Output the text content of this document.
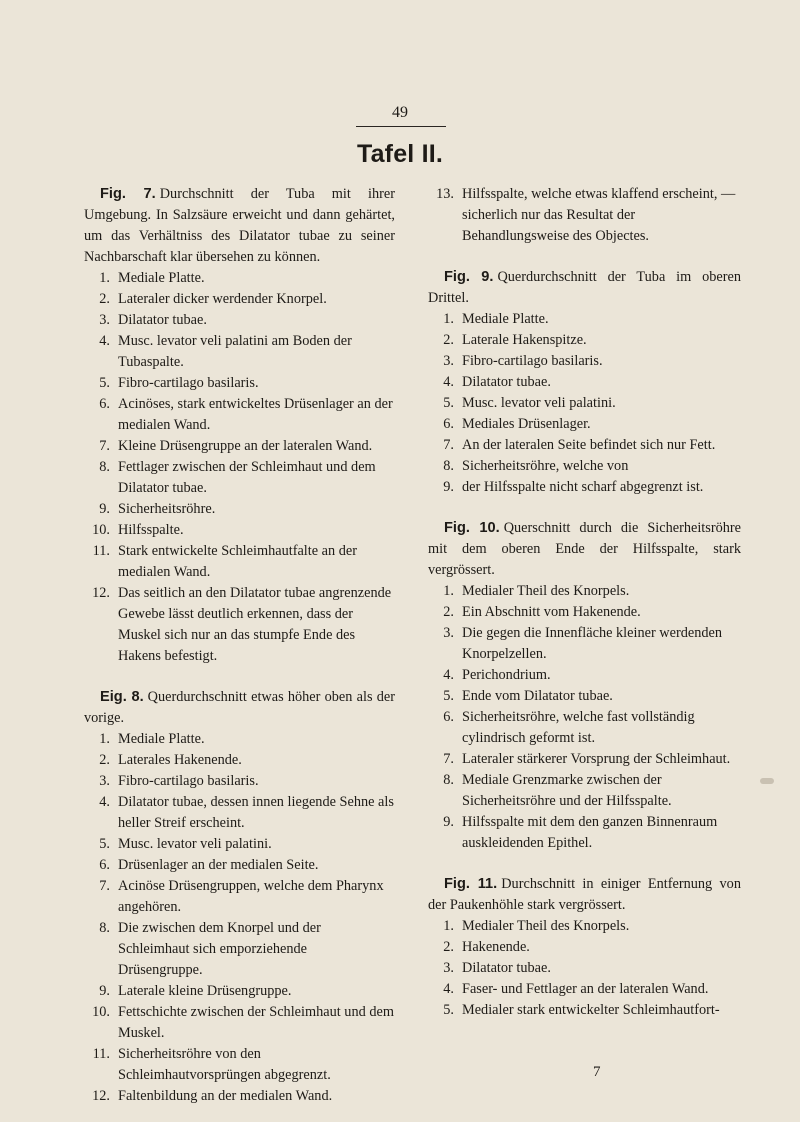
49
Tafel II.

Fig. 7. Durchschnitt der Tuba mit ihrer Umgebung. In Salzsäure erweicht und dann gehärtet, um das Verhältniss des Dilatator tubae zu seiner Nachbarschaft klar übersehen zu können.

1. Mediale Platte.
2. Lateraler dicker werdender Knorpel.
3. Dilatator tubae.
4. Musc. levator veli palatini am Boden der Tubaspalte.
5. Fibro-cartilago basilaris.
6. Acinöses, stark entwickeltes Drüsenlager an der medialen Wand.
7. Kleine Drüsengruppe an der lateralen Wand.
8. Fettlager zwischen der Schleimhaut und dem Dilatator tubae.
9. Sicherheitsröhre.
10. Hilfsspalte.
11. Stark entwickelte Schleimhautfalte an der medialen Wand.
12. Das seitlich an den Dilatator tubae angrenzende Gewebe lässt deutlich erkennen, dass der Muskel sich nur an das stumpfe Ende des Hakens befestigt.

Eig. 8. Querdurchschnitt etwas höher oben als der vorige.

1. Mediale Platte.
2. Laterales Hakenende.
3. Fibro-cartilago basilaris.
4. Dilatator tubae, dessen innen liegende Sehne als heller Streif erscheint.
5. Musc. levator veli palatini.
6. Drüsenlager an der medialen Seite.
7. Acinöse Drüsengruppen, welche dem Pharynx angehören.
8. Die zwischen dem Knorpel und der Schleimhaut sich emporziehende Drüsengruppe.
9. Laterale kleine Drüsengruppe.
10. Fettschichte zwischen der Schleimhaut und dem Muskel.
11. Sicherheitsröhre von den Schleimhautvorsprüngen abgegrenzt.
12. Faltenbildung an der medialen Wand.
13. Hilfsspalte, welche etwas klaffend erscheint, — sicherlich nur das Resultat der Behandlungsweise des Objectes.

Fig. 9. Querdurchschnitt der Tuba im oberen Drittel.

1. Mediale Platte.
2. Laterale Hakenspitze.
3. Fibro-cartilago basilaris.
4. Dilatator tubae.
5. Musc. levator veli palatini.
6. Mediales Drüsenlager.
7. An der lateralen Seite befindet sich nur Fett.
8. Sicherheitsröhre, welche von
9. der Hilfsspalte nicht scharf abgegrenzt ist.

Fig. 10. Querschnitt durch die Sicherheitsröhre mit dem oberen Ende der Hilfsspalte, stark vergrössert.

1. Medialer Theil des Knorpels.
2. Ein Abschnitt vom Hakenende.
3. Die gegen die Innenfläche kleiner werdenden Knorpelzellen.
4. Perichondrium.
5. Ende vom Dilatator tubae.
6. Sicherheitsröhre, welche fast vollständig cylindrisch geformt ist.
7. Lateraler stärkerer Vorsprung der Schleimhaut.
8. Mediale Grenzmarke zwischen der Sicherheitsröhre und der Hilfsspalte.
9. Hilfsspalte mit dem den ganzen Binnenraum auskleidenden Epithel.

Fig. 11. Durchschnitt in einiger Entfernung von der Paukenhöhle stark vergrössert.

1. Medialer Theil des Knorpels.
2. Hakenende.
3. Dilatator tubae.
4. Faser- und Fettlager an der lateralen Wand.
5. Medialer stark entwickelter Schleimhautfort-
7
